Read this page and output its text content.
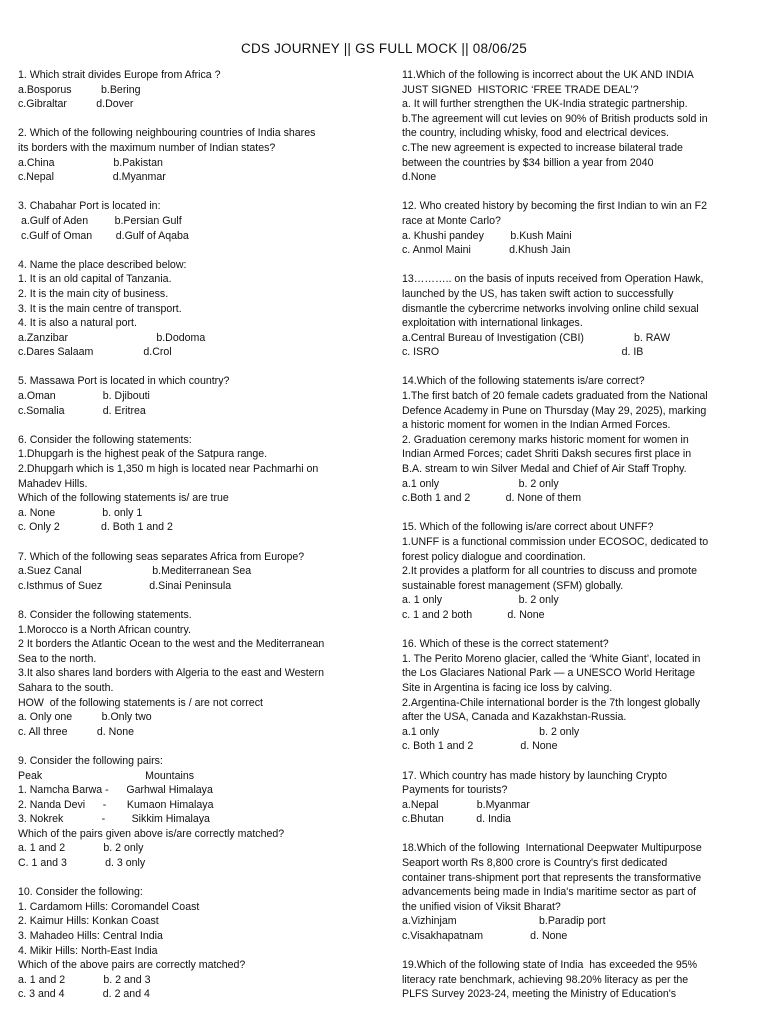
CDS JOURNEY || GS FULL MOCK || 08/06/25
1. Which strait divides Europe from Africa ?
a.Bosporus          b.Bering
c.Gibraltar          d.Dover
2. Which of the following neighbouring countries of India shares
its borders with the maximum number of Indian states?
a.China                    b.Pakistan
c.Nepal                    d.Myanmar
3. Chabahar Port is located in:
a.Gulf of Aden         b.Persian Gulf
c.Gulf of Oman        d.Gulf of Aqaba
4. Name the place described below:
1. It is an old capital of Tanzania.
2. It is the main city of business.
3. It is the main centre of transport.
4. It is also a natural port.
a.Zanzibar                              b.Dodoma
c.Dares Salaam                 d.Crol
5. Massawa Port is located in which country?
a.Oman                b. Djibouti
c.Somalia             d. Eritrea
6. Consider the following statements:
1.Dhupgarh is the highest peak of the Satpura range.
2.Dhupgarh which is 1,350 m high is located near Pachmarhi on
Mahadev Hills.
Which of the following statements is/ are true
a. None                b. only 1
c. Only 2              d. Both 1 and 2
7. Which of the following seas separates Africa from Europe?
a.Suez Canal                        b.Mediterranean Sea
c.Isthmus of Suez                d.Sinai Peninsula
8. Consider the following statements.
1.Morocco is a North African country.
2 It borders the Atlantic Ocean to the west and the Mediterranean
Sea to the north.
3.It also shares land borders with Algeria to the east and Western
Sahara to the south.
HOW  of the following statements is / are not correct
a. Only one          b.Only two
c. All three          d. None
9. Consider the following pairs:
Peak                                   Mountains
1. Namcha Barwa -      Garhwal Himalaya
2. Nanda Devi      -       Kumaon Himalaya
3. Nokrek             -         Sikkim Himalaya
Which of the pairs given above is/are correctly matched?
a. 1 and 2             b. 2 only
C. 1 and 3             d. 3 only
10. Consider the following:
1. Cardamom Hills: Coromandel Coast
2. Kaimur Hills: Konkan Coast
3. Mahadeo Hills: Central India
4. Mikir Hills: North-East India
Which of the above pairs are correctly matched?
a. 1 and 2             b. 2 and 3
c. 3 and 4             d. 2 and 4
11.Which of the following is incorrect about the UK AND INDIA
JUST SIGNED  HISTORIC ‘FREE TRADE DEAL’?
a. It will further strengthen the UK-India strategic partnership.
b.The agreement will cut levies on 90% of British products sold in
the country, including whisky, food and electrical devices.
c.The new agreement is expected to increase bilateral trade
between the countries by $34 billion a year from 2040
d.None
12. Who created history by becoming the first Indian to win an F2
race at Monte Carlo?
a. Khushi pandey         b.Kush Maini
c. Anmol Maini             d.Khush Jain
13……….. on the basis of inputs received from Operation Hawk,
launched by the US, has taken swift action to successfully
dismantle the cybercrime networks involving online child sexual
exploitation with international linkages.
a.Central Bureau of Investigation (CBI)                 b. RAW
c. ISRO                                                              d. IB
14.Which of the following statements is/are correct?
1.The first batch of 20 female cadets graduated from the National
Defence Academy in Pune on Thursday (May 29, 2025), marking
a historic moment for women in the Indian Armed Forces.
2. Graduation ceremony marks historic moment for women in
Indian Armed Forces; cadet Shriti Daksh secures first place in
B.A. stream to win Silver Medal and Chief of Air Staff Trophy.
a.1 only                           b. 2 only
c.Both 1 and 2            d. None of them
15. Which of the following is/are correct about UNFF?
1.UNFF is a functional commission under ECOSOC, dedicated to
forest policy dialogue and coordination.
2.It provides a platform for all countries to discuss and promote
sustainable forest management (SFM) globally.
a. 1 only                          b. 2 only
c. 1 and 2 both            d. None
16. Which of these is the correct statement?
1. The Perito Moreno glacier, called the ‘White Giant’, located in
the Los Glaciares National Park — a UNESCO World Heritage
Site in Argentina is facing ice loss by calving.
2.Argentina-Chile international border is the 7th longest globally
after the USA, Canada and Kazakhstan-Russia.
a.1 only                                  b. 2 only
c. Both 1 and 2                d. None
17. Which country has made history by launching Crypto
Payments for tourists?
a.Nepal             b.Myanmar
c.Bhutan           d. India
18.Which of the following  International Deepwater Multipurpose
Seaport worth Rs 8,800 crore is Country's first dedicated
container trans-shipment port that represents the transformative
advancements being made in India's maritime sector as part of
the unified vision of Viksit Bharat?
a.Vizhinjam                            b.Paradip port
c.Visakhapatnam                d. None
19.Which of the following state of India  has exceeded the 95%
literacy rate benchmark, achieving 98.20% literacy as per the
PLFS Survey 2023-24, meeting the Ministry of Education's
